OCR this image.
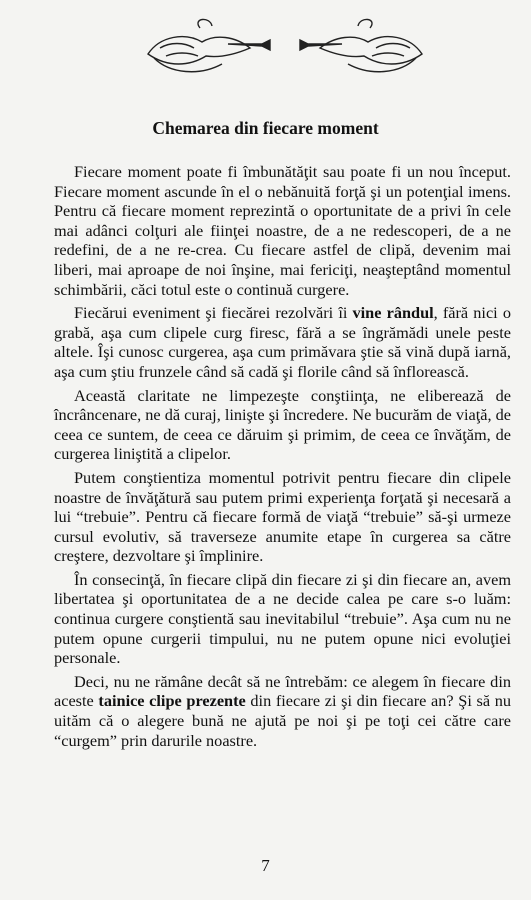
Chemarea din fiecare moment

Fiecare moment poate fi îmbunătăţit sau poate fi un nou început. Fiecare moment ascunde în el o nebănuită forţă şi un potenţial imens. Pentru că fiecare moment reprezintă o oportunitate de a privi în cele mai adânci colţuri ale fiinţei noastre, de a ne redescoperi, de a ne redefini, de a ne re-crea. Cu fiecare astfel de clipă, devenim mai liberi, mai aproape de noi înşine, mai fericiţi, neaşteptând momentul schimbării, căci totul este o continuă curgere.

Fiecărui eveniment şi fiecărei rezolvări îi vine rândul, fără nici o grabă, aşa cum clipele curg firesc, fără a se îngrămădi unele peste altele. Îşi cunosc curgerea, aşa cum primăvara ştie să vină după iarnă, aşa cum ştiu frunzele când să cadă şi florile când să înflorească.

Această claritate ne limpezeşte conştiinţa, ne eliberează de încrâncenare, ne dă curaj, linişte şi încredere. Ne bucurăm de viaţă, de ceea ce suntem, de ceea ce dăruim şi primim, de ceea ce învăţăm, de curgerea liniştită a clipelor.

Putem conştientiza momentul potrivit pentru fiecare din clipele noastre de învăţătură sau putem primi experienţa forţată şi necesară a lui “trebuie”. Pentru că fiecare formă de viaţă “trebuie” să-şi urmeze cursul evolutiv, să traverseze anumite etape în curgerea sa către creştere, dezvoltare şi împlinire.

În consecinţă, în fiecare clipă din fiecare zi şi din fiecare an, avem libertatea şi oportunitatea de a ne decide calea pe care s-o luăm: continua curgere conştientă sau inevitabilul “trebuie”. Aşa cum nu ne putem opune curgerii timpului, nu ne putem opune nici evoluţiei personale.

Deci, nu ne rămâne decât să ne întrebăm: ce alegem în fiecare din aceste tainice clipe prezente din fiecare zi şi din fiecare an? Şi să nu uităm că o alegere bună ne ajută pe noi şi pe toţi cei către care “curgem” prin darurile noastre.

7
